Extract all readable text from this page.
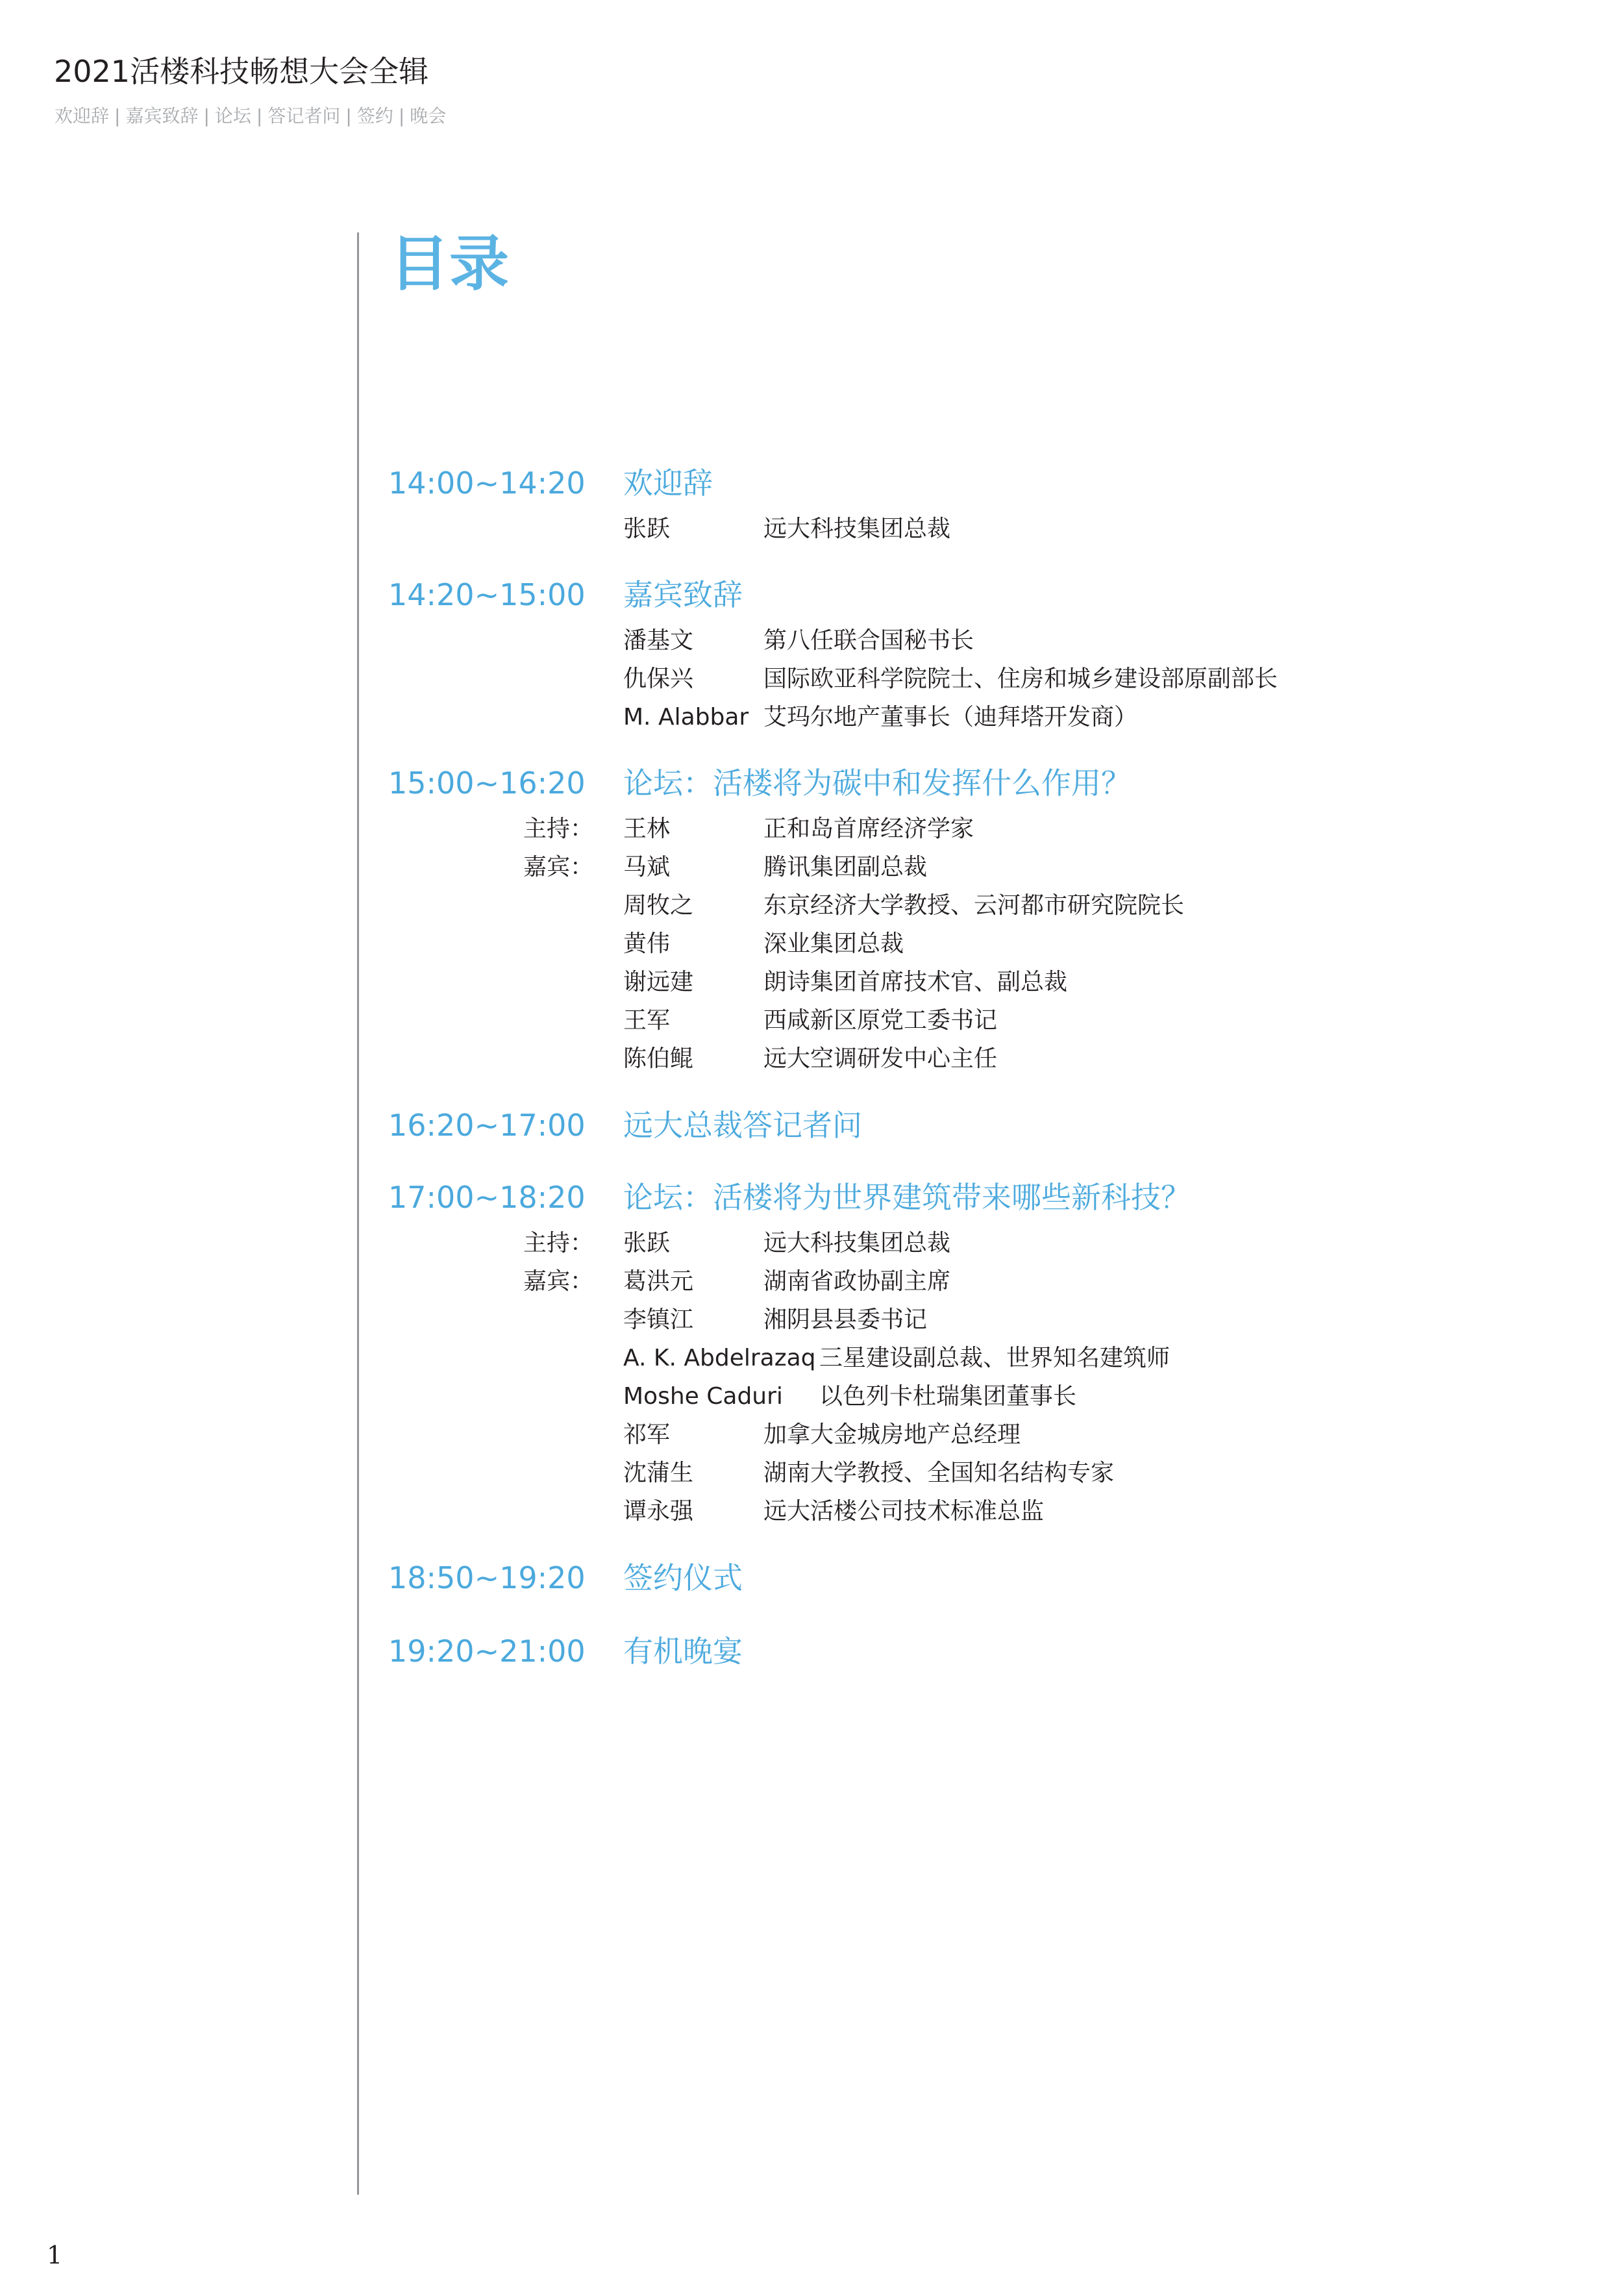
2021活楼科技畅想大会全辑
欢迎辞 | 嘉宾致辞 | 论坛 | 答记者问 | 签约 | 晚会
目录
14:00~14:20 欢迎辞
张跃	远大科技集团总裁
14:20~15:00 嘉宾致辞
潘基文	第八任联合国秘书长
仇保兴	国际欧亚科学院院士、住房和城乡建设部原副部长
M. Alabbar 艾玛尔地产董事长（迪拜塔开发商）
15:00~16:20 论坛：活楼将为碳中和发挥什么作用？
主持： 王林	正和岛首席经济学家
嘉宾： 马斌	腾讯集团副总裁
周牧之	东京经济大学教授、云河都市研究院院长
黄伟	深业集团总裁
谢远建	朗诗集团首席技术官、副总裁
王军	西咸新区原党工委书记
陈伯鲲	远大空调研发中心主任
16:20~17:00 远大总裁答记者问
17:00~18:20 论坛：活楼将为世界建筑带来哪些新科技？
主持： 张跃	远大科技集团总裁
嘉宾： 葛洪元	湖南省政协副主席
李镇江	湘阴县县委书记
A. K. Abdelrazaq 三星建设副总裁、世界知名建筑师
Moshe Caduri 以色列卡杜瑞集团董事长
祁军	加拿大金城房地产总经理
沈蒲生	湖南大学教授、全国知名结构专家
谭永强	远大活楼公司技术标准总监
18:50~19:20 签约仪式
19:20~21:00 有机晚宴
1
